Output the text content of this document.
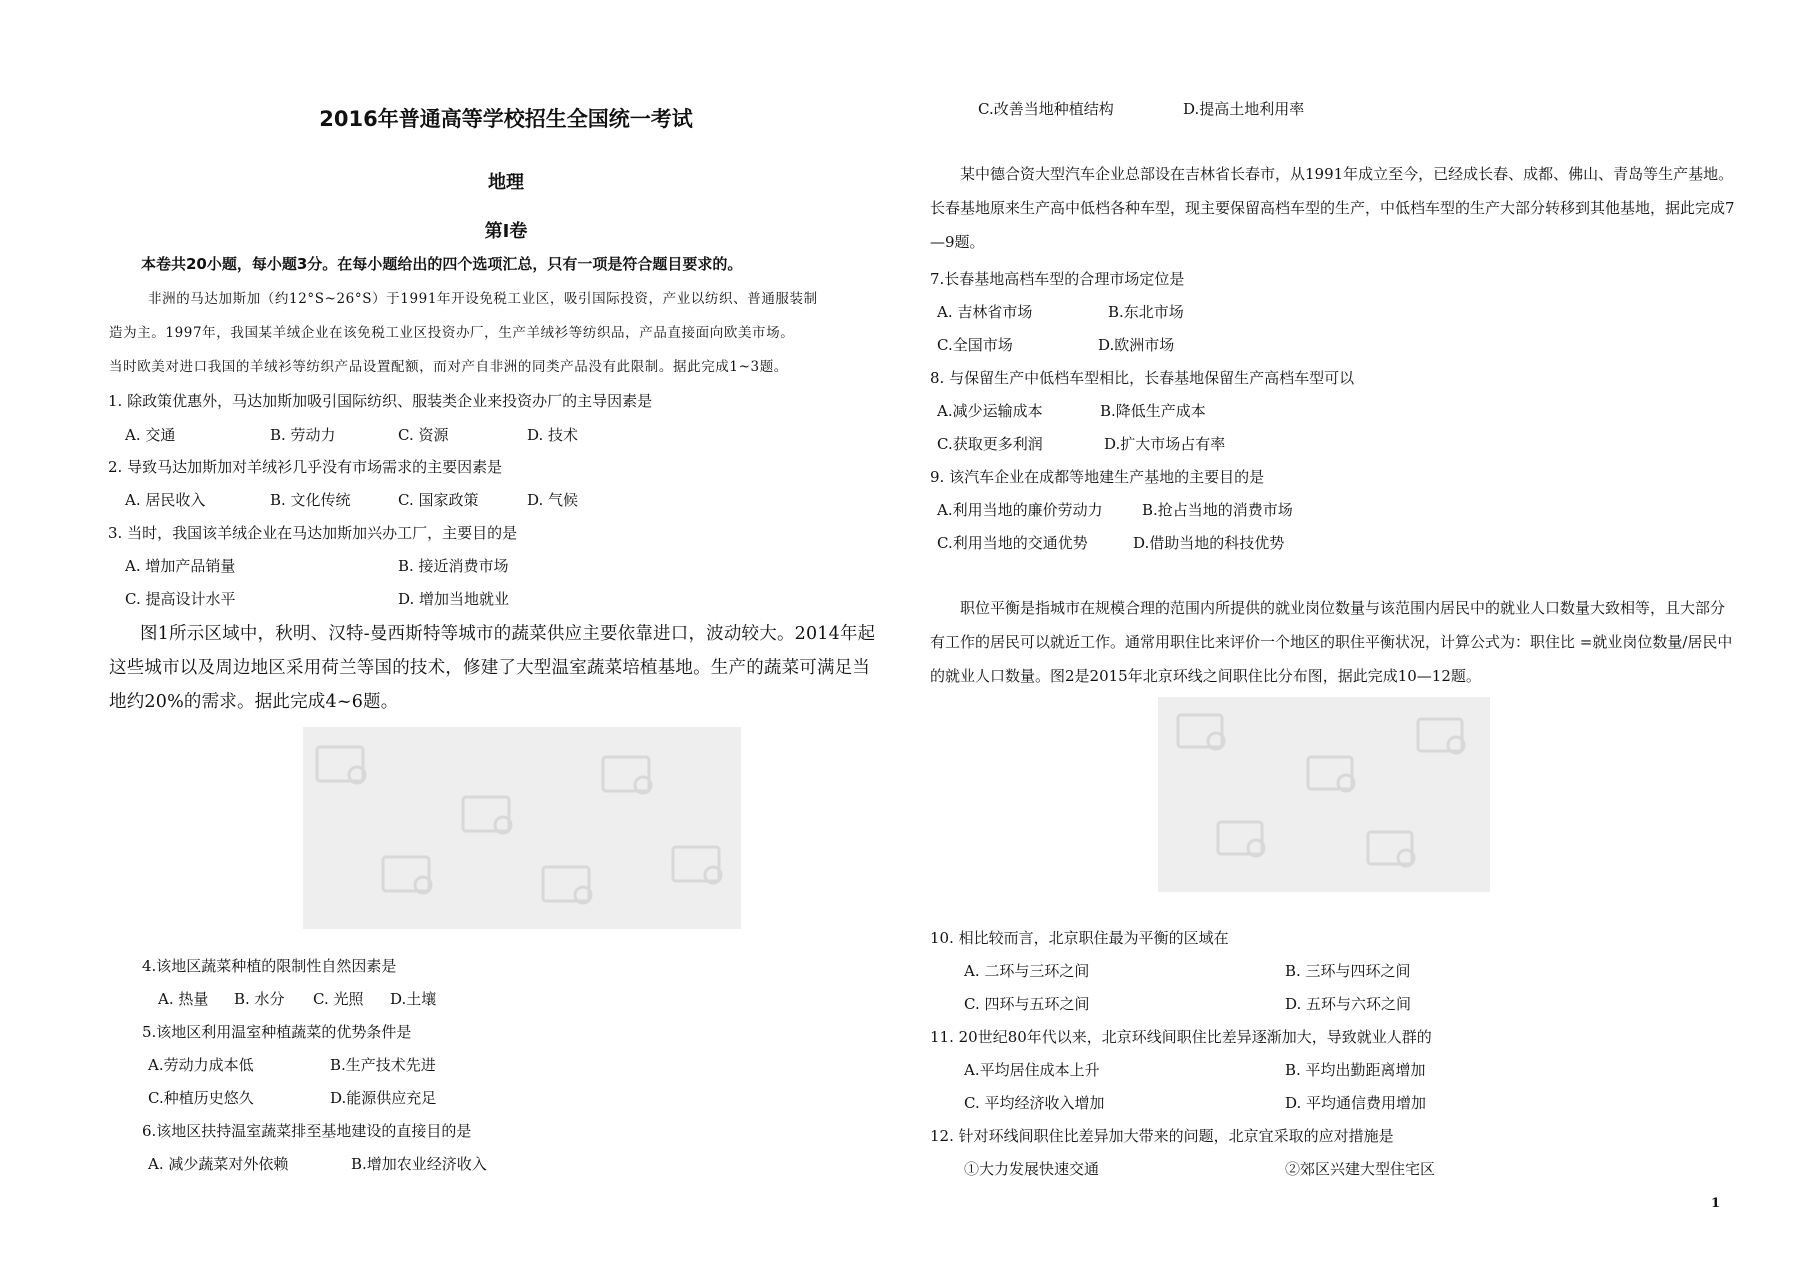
2016年普通高等学校招生全国统一考试
地理
第Ⅰ卷
本卷共20小题，每小题3分。在每小题给出的四个选项汇总，只有一项是符合题目要求的。
非洲的马达加斯加（约12°S~26°S）于1991年开设免税工业区，吸引国际投资，产业以纺织、普通服装制
造为主。1997年，我国某羊绒企业在该免税工业区投资办厂，生产羊绒衫等纺织品，产品直接面向欧美市场。
当时欧美对进口我国的羊绒衫等纺织产品设置配额，而对产自非洲的同类产品没有此限制。据此完成1~3题。
1. 除政策优惠外，马达加斯加吸引国际纺织、服装类企业来投资办厂的主导因素是
A. 交通	B. 劳动力	C. 资源	D. 技术
2. 导致马达加斯加对羊绒衫几乎没有市场需求的主要因素是
A. 居民收入	B. 文化传统	C. 国家政策	D. 气候
3. 当时，我国该羊绒企业在马达加斯加兴办工厂，主要目的是
A. 增加产品销量	B. 接近消费市场
C. 提高设计水平	D. 增加当地就业
图1所示区域中，秋明、汉特-曼西斯特等城市的蔬菜供应主要依靠进口，波动较大。2014年起
这些城市以及周边地区采用荷兰等国的技术，修建了大型温室蔬菜培植基地。生产的蔬菜可满足当
地约20%的需求。据此完成4~6题。
4.该地区蔬菜种植的限制性自然因素是
A. 热量 B. 水分 C. 光照 D.土壤
5.该地区利用温室种植蔬菜的优势条件是
A.劳动力成本低	B.生产技术先进
C.种植历史悠久	D.能源供应充足
6.该地区扶持温室蔬菜排至基地建设的直接目的是
A. 减少蔬菜对外依赖	B.增加农业经济收入
C.改善当地种植结构	D.提高土地利用率

某中德合资大型汽车企业总部设在吉林省长春市，从1991年成立至今，已经成长春、成都、佛山、青岛等生产基地。长春基地原来生产高中低档各种车型，现主要保留高档车型的生产，中低档车型的生产大部分转移到其他基地，据此完成7—9题。

7.长春基地高档车型的合理市场定位是
A. 吉林省市场	B.东北市场
C.全国市场	D.欧洲市场
8. 与保留生产中低档车型相比，长春基地保留生产高档车型可以
A.减少运输成本	B.降低生产成本
C.获取更多利润	D.扩大市场占有率
9. 该汽车企业在成都等地建生产基地的主要目的是
A.利用当地的廉价劳动力	B.抢占当地的消费市场
C.利用当地的交通优势	D.借助当地的科技优势

职位平衡是指城市在规模合理的范围内所提供的就业岗位数量与该范围内居民中的就业人口数量大致相等，且大部分有工作的居民可以就近工作。通常用职住比来评价一个地区的职住平衡状况，计算公式为：职住比 =就业岗位数量/居民中的就业人口数量。图2是2015年北京环线之间职住比分布图，据此完成10—12题。

10. 相比较而言，北京职住最为平衡的区域在
A. 二环与三环之间	B. 三环与四环之间
C. 四环与五环之间	D. 五环与六环之间
11. 20世纪80年代以来，北京环线间职住比差异逐渐加大，导致就业人群的
A.平均居住成本上升	B. 平均出勤距离增加
C. 平均经济收入增加	D. 平均通信费用增加
12. 针对环线间职住比差异加大带来的问题，北京宜采取的应对措施是
①大力发展快速交通	②郊区兴建大型住宅区
1
